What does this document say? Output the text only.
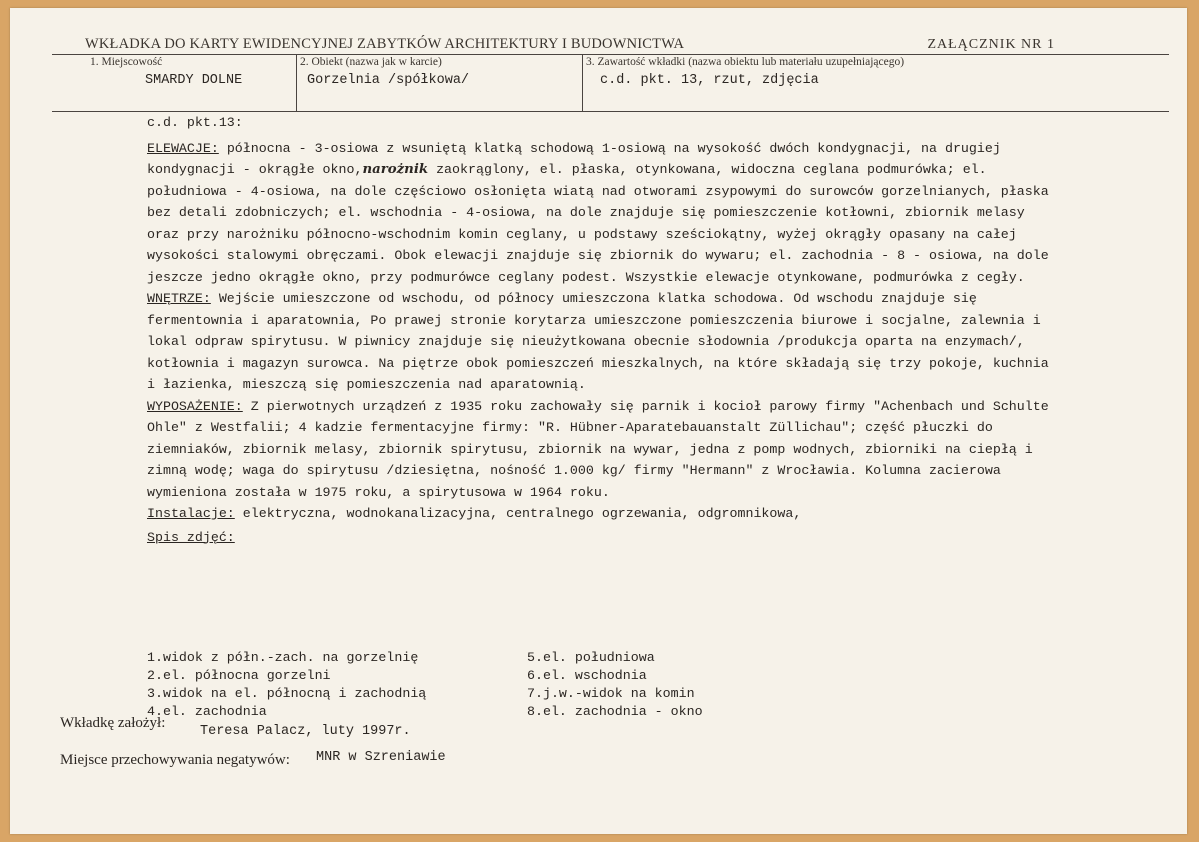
WKŁADKA DO KARTY EWIDENCYJNEJ ZABYTKÓW ARCHITEKTURY I BUDOWNICTWA	ZAŁĄCZNIK NR 1
1. Miejscowość
SMARDY DOLNE
2. Obiekt (nazwa jak w karcie)
Gorzelnia /spółkowa/
3. Zawartość wkładki (nazwa obiektu lub materiału uzupełniającego)
c.d. pkt. 13, rzut, zdjęcia

c.d. pkt.13:

ELEWACJE: północna - 3-osiowa z wsuniętą klatką schodową 1-osiową na wysokość dwóch kondygnacji, na drugiej kondygnacji - okrągłe okno,narożnik zaokrąglony, el. płaska, otynkowana, widoczna ceglana podmurówka; el. południowa - 4-osiowa, na dole częściowo osłonięta wiatą nad otworami zsypowymi do surowców gorzelnianych, płaska bez detali zdobniczych; el. wschodnia - 4-osiowa, na dole znajduje się pomieszczenie kotłowni, zbiornik melasy oraz przy narożniku północno-wschodnim komin ceglany, u podstawy sześciokątny, wyżej okrągły opasany na całej wysokości stalowymi obręczami. Obok elewacji znajduje się zbiornik do wywaru; el. zachodnia - 8 - osiowa, na dole jeszcze jedno okrągłe okno, przy podmurówce ceglany podest. Wszystkie elewacje otynkowane, podmurówka z cegły.

WNĘTRZE: Wejście umieszczone od wschodu, od północy umieszczona klatka schodowa. Od wschodu znajduje się fermentownia i aparatownia, Po prawej stronie korytarza umieszczone pomieszczenia biurowe i socjalne, zalewnia i lokal odpraw spirytusu. W piwnicy znajduje się nieużytkowana obecnie słodownia /produkcja oparta na enzymach/, kotłownia i magazyn surowca. Na piętrze obok pomieszczeń mieszkalnych, na które składają się trzy pokoje, kuchnia i łazienka, mieszczą się pomieszczenia nad aparatownią.

WYPOSAŻENIE: Z pierwotnych urządzeń z 1935 roku zachowały się parnik i kocioł parowy firmy "Achenbach und Schulte Ohle" z Westfalii; 4 kadzie fermentacyjne firmy: "R. Hübner-Aparatebauanstalt Züllichau"; część płuczki do ziemniaków, zbiornik melasy, zbiornik spirytusu, zbiornik na wywar, jedna z pomp wodnych, zbiorniki na ciepłą i zimną wodę; waga do spirytusu /dziesiętna, nośność 1.000 kg/ firmy "Hermann" z Wrocławia. Kolumna zacierowa wymieniona została w 1975 roku, a spirytusowa w 1964 roku.

Instalacje: elektryczna, wodnokanalizacyjna, centralnego ogrzewania, odgromnikowa,

Spis zdjęć:

1.widok z półn.-zach. na gorzelnię
2.el. północna gorzelni
3.widok na el. północną i zachodnią
4.el. zachodnia
5.el. południowa
6.el. wschodnia
7.j.w.-widok na komin
8.el. zachodnia - okno
Wkładkę założył:
Teresa Palacz, luty 1997r.
Miejsce przechowywania negatywów: MNR w Szreniawie
